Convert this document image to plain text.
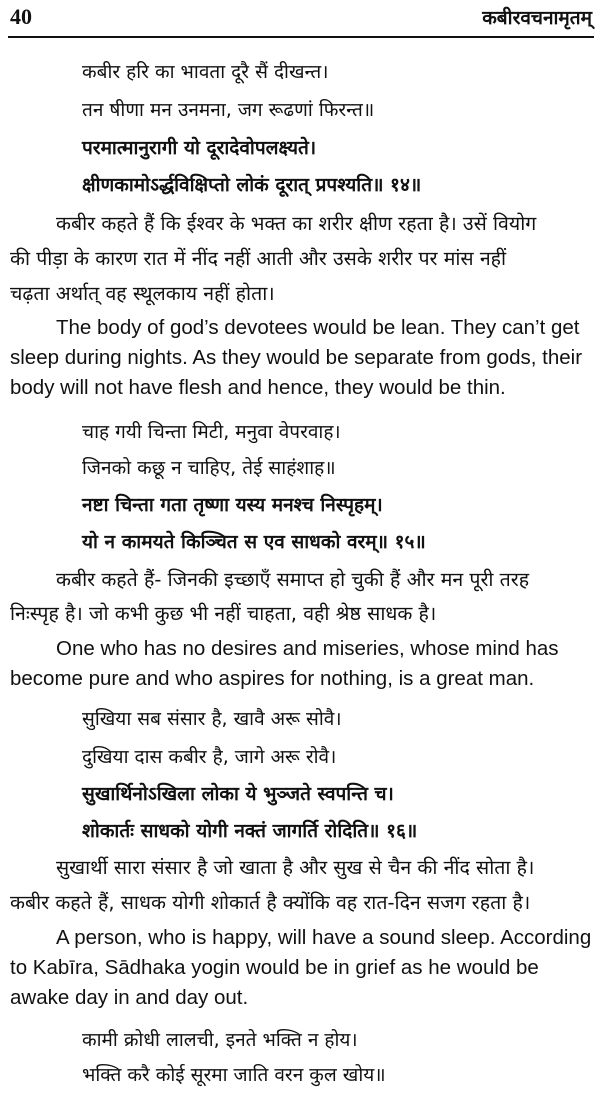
40	कबीरवचनामृतम्
कबीर हरि का भावता दूरै सैं दीखन्त।
तन षीणा मन उनमना, जग रूढणां फिरन्त॥
परमात्मानुरागी यो दूरादेवोपलक्ष्यते।
क्षीणकामोऽर्द्धविक्षिप्तो लोकं दूरात् प्रपश्यति॥ १४॥
कबीर कहते हैं कि ईश्वर के भक्त का शरीर क्षीण रहता है। उसें वियोग
की पीड़ा के कारण रात में नींद नहीं आती और उसके शरीर पर मांस नहीं
चढ़ता अर्थात् वह स्थूलकाय नहीं होता।
The body of god’s devotees would be lean. They can’t get
sleep during nights. As they would be separate from gods, their
body will not have flesh and hence, they would be thin.
चाह गयी चिन्ता मिटी, मनुवा वेपरवाह।
जिनको कछू न चाहिए, तेई साहंशाह॥
नष्टा चिन्ता गता तृष्णा यस्य मनश्च निस्पृहम्।
यो न कामयते किञ्चित स एव साधको वरम्॥ १५॥
कबीर कहते हैं- जिनकी इच्छाएँ समाप्त हो चुकी हैं और मन पूरी तरह
निःस्पृह है। जो कभी कुछ भी नहीं चाहता, वही श्रेष्ठ साधक है।
One who has no desires and miseries, whose mind has
become pure and who aspires for nothing, is a great man.
सुखिया सब संसार है, खावै अरू सोवै।
दुखिया दास कबीर है, जागे अरू रोवै।
सुखार्थिनोऽखिला लोका ये भुञ्जते स्वपन्ति च।
शोकार्तः साधको योगी नक्तं जागर्ति रोदिति॥ १६॥
सुखार्थी सारा संसार है जो खाता है और सुख से चैन की नींद सोता है।
कबीर कहते हैं, साधक योगी शोकार्त है क्योंकि वह रात-दिन सजग रहता है।
A person, who is happy, will have a sound sleep. According
to Kabīra, Sādhaka yogin would be in grief as he would be
awake day in and day out.
कामी क्रोधी लालची, इनते भक्ति न होय।
भक्ति करै कोई सूरमा जाति वरन कुल खोय॥
